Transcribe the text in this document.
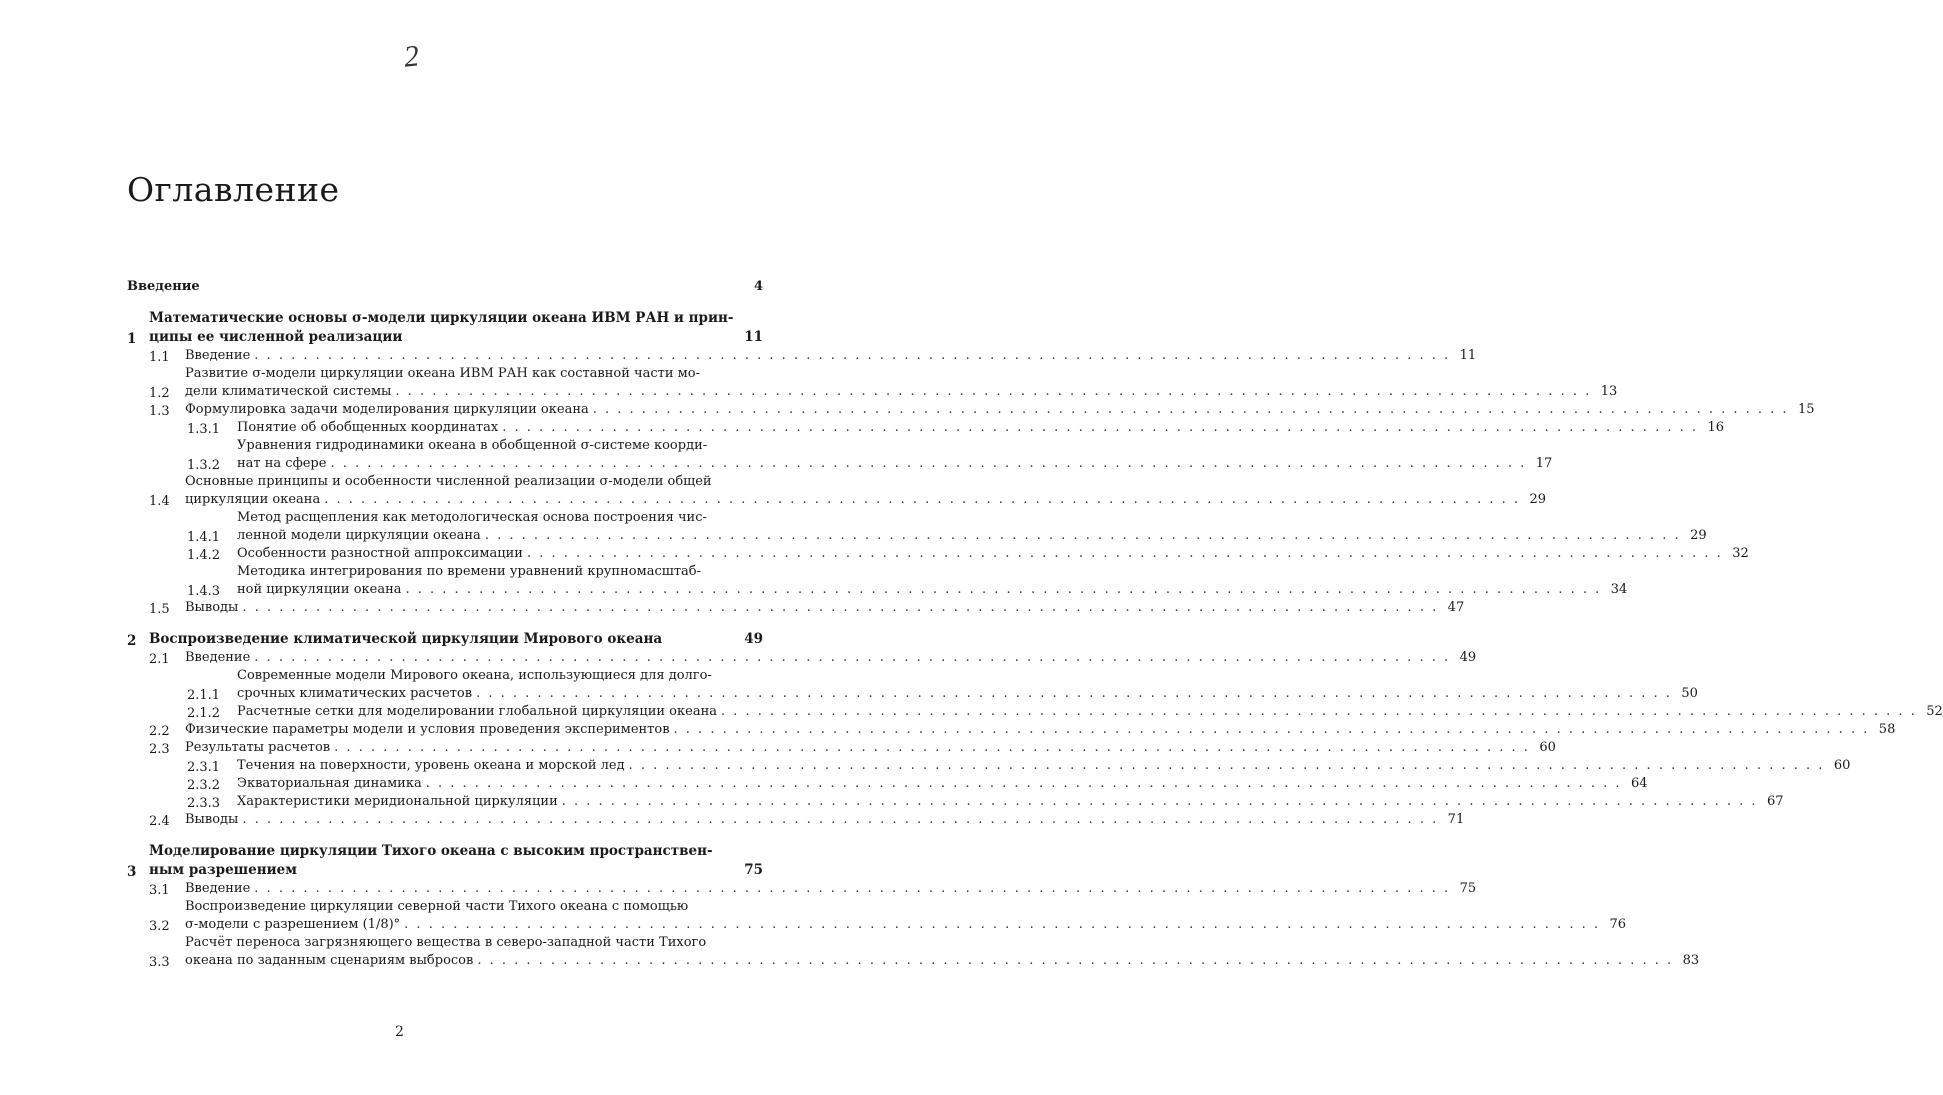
2
Оглавление
Введение	4
1
Математические основы σ-модели циркуляции океана ИВМ РАН и прин-
ципы ее численной реализации	11
1.1	Введение . . .	11
1.2
Развитие σ-модели циркуляции океана ИВМ РАН как составной части мо-
дели климатической системы . . .	13
1.3	Формулировка задачи моделирования циркуляции океана . . .	15
1.3.1	Понятие об обобщенных координатах . . .	16
1.3.2
Уравнения гидродинамики океана в обобщенной σ-системе коорди-
нат на сфере . . .	17
1.4
Основные принципы и особенности численной реализации σ-модели общей
циркуляции океана . . .	29
1.4.1
Метод расщепления как методологическая основа построения чис-
ленной модели циркуляции океана . . .	29
1.4.2	Особенности разностной аппроксимации . . .	32
1.4.3
Методика интегрирования по времени уравнений крупномасштаб-
ной циркуляции океана . . .	34
1.5	Выводы . . .	47
2 Воспроизведение климатической циркуляции Мирового океана	49
2.1	Введение . . .	49
2.1.1
Современные модели Мирового океана, использующиеся для долго-
срочных климатических расчетов . . .	50
2.1.2	Расчетные сетки для моделировании глобальной циркуляции океана . . .	52
2.2	Физические параметры модели и условия проведения экспериментов . . .	58
2.3	Результаты расчетов . . .	60
2.3.1	Течения на поверхности, уровень океана и морской лед . . .	60
2.3.2	Экваториальная динамика . . .	64
2.3.3	Характеристики меридиональной циркуляции . . .	67
2.4	Выводы . . .	71
3
Моделирование циркуляции Тихого океана с высоким пространствен-
ным разрешением	75
3.1	Введение . . .	75
3.2
Воспроизведение циркуляции северной части Тихого океана с помощью
σ-модели с разрешением (1/8)° . . .	76
3.3
Расчёт переноса загрязняющего вещества в северо-западной части Тихого
океана по заданным сценариям выбросов . . .	83
2
